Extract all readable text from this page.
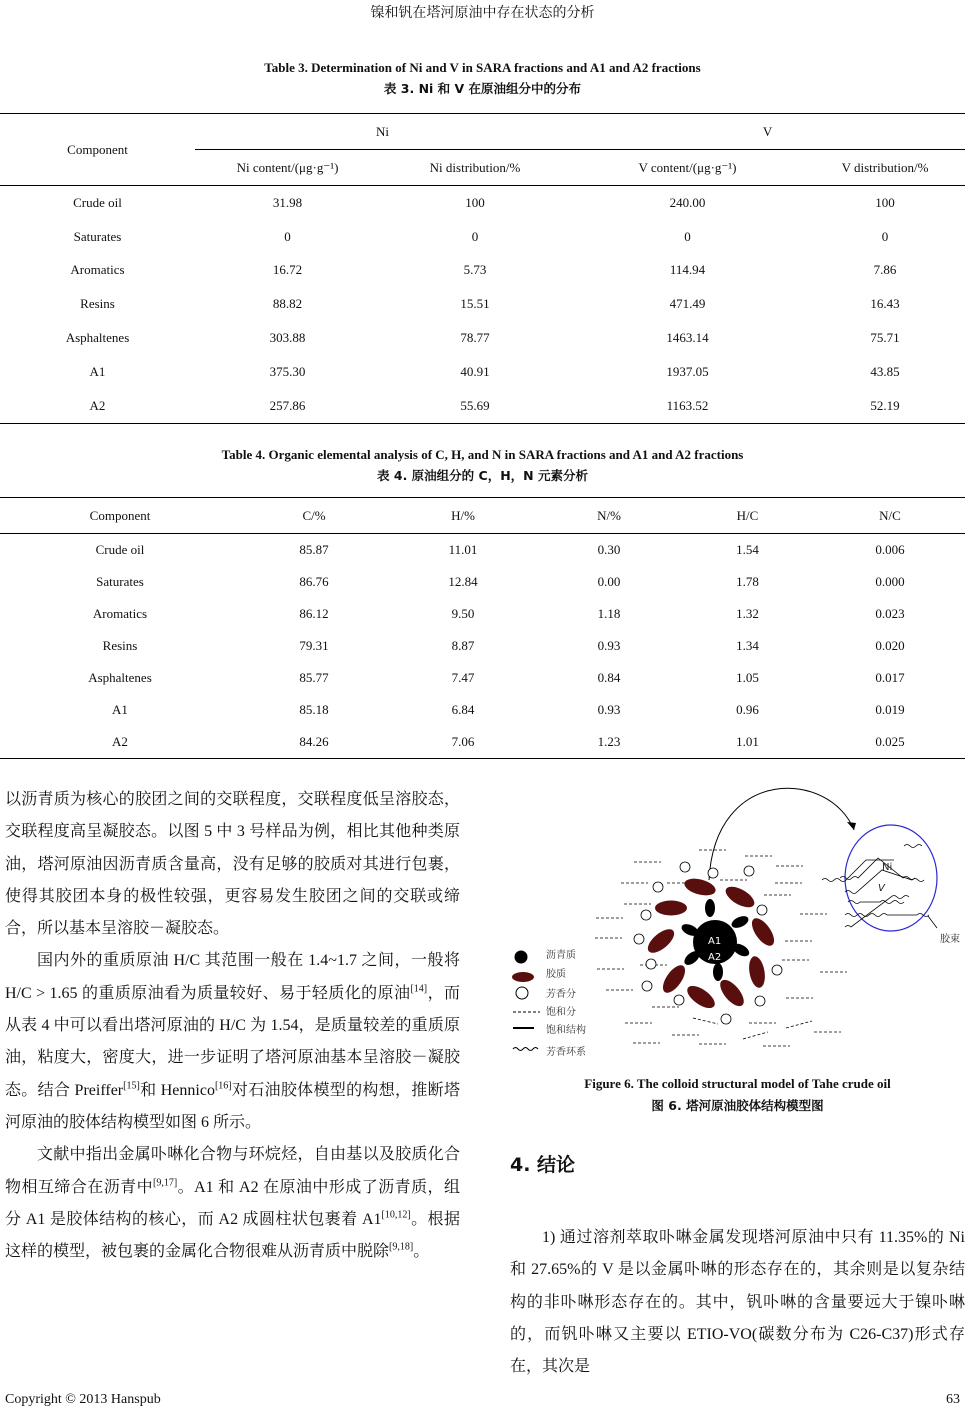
镍和钒在塔河原油中存在状态的分析
Table 3. Determination of Ni and V in SARA fractions and A1 and A2 fractions
表 3. Ni 和 V 在原油组分中的分布
Component	Ni		V	
	Ni content/(μg·g⁻¹)	Ni distribution/%	V content/(μg·g⁻¹)	V distribution/%
Crude oil	31.98	100	240.00	100
Saturates	0	0	0	0
Aromatics	16.72	5.73	114.94	7.86
Resins	88.82	15.51	471.49	16.43
Asphaltenes	303.88	78.77	1463.14	75.71
A1	375.30	40.91	1937.05	43.85
A2	257.86	55.69	1163.52	52.19
Table 4. Organic elemental analysis of C, H, and N in SARA fractions and A1 and A2 fractions
表 4. 原油组分的 C，H，N 元素分析
Component	C/%	H/%	N/%	H/C	N/C
Crude oil	85.87	11.01	0.30	1.54	0.006
Saturates	86.76	12.84	0.00	1.78	0.000
Aromatics	86.12	9.50	1.18	1.32	0.023
Resins	79.31	8.87	0.93	1.34	0.020
Asphaltenes	85.77	7.47	0.84	1.05	0.017
A1	85.18	6.84	0.93	0.96	0.019
A2	84.26	7.06	1.23	1.01	0.025

以沥青质为核心的胶团之间的交联程度，交联程度低呈溶胶态，交联程度高呈凝胶态。以图 5 中 3 号样品为例，相比其他种类原油，塔河原油因沥青质含量高，没有足够的胶质对其进行包裹，使得其胶团本身的极性较强，更容易发生胶团之间的交联或缔合，所以基本呈溶胶－凝胶态。

国内外的重质原油 H/C 其范围一般在 1.4~1.7 之间，一般将 H/C > 1.65 的重质原油看为质量较好、易于轻质化的原油[14]，而从表 4 中可以看出塔河原油的 H/C 为 1.54，是质量较差的重质原油，粘度大，密度大，进一步证明了塔河原油基本呈溶胶－凝胶态。结合 Preiffer[15]和 Hennico[16]对石油胶体模型的构想，推断塔河原油的胶体结构模型如图 6 所示。

文献中指出金属卟啉化合物与环烷烃，自由基以及胶质化合物相互缔合在沥青中[9,17]。A1 和 A2 在原油中形成了沥青质，组分 A1 是胶体结构的核心，而 A2 成圆柱状包裹着 A1[10,12]。根据这样的模型，被包裹的金属化合物很难从沥青质中脱除[9,18]。

A1
A2
Ni
V
胶束
沥青质
胶质
芳香分
饱和分
饱和结构
芳香环系
Figure 6. The colloid structural model of Tahe crude oil
图 6. 塔河原油胶体结构模型图
4. 结论

1) 通过溶剂萃取卟啉金属发现塔河原油中只有 11.35%的 Ni 和 27.65%的 V 是以金属卟啉的形态存在的，其余则是以复杂结构的非卟啉形态存在的。其中，钒卟啉的含量要远大于镍卟啉的，而钒卟啉又主要以 ETIO-VO(碳数分布为 C26-C37)形式存在，其次是

Copyright © 2013 Hanspub	63
